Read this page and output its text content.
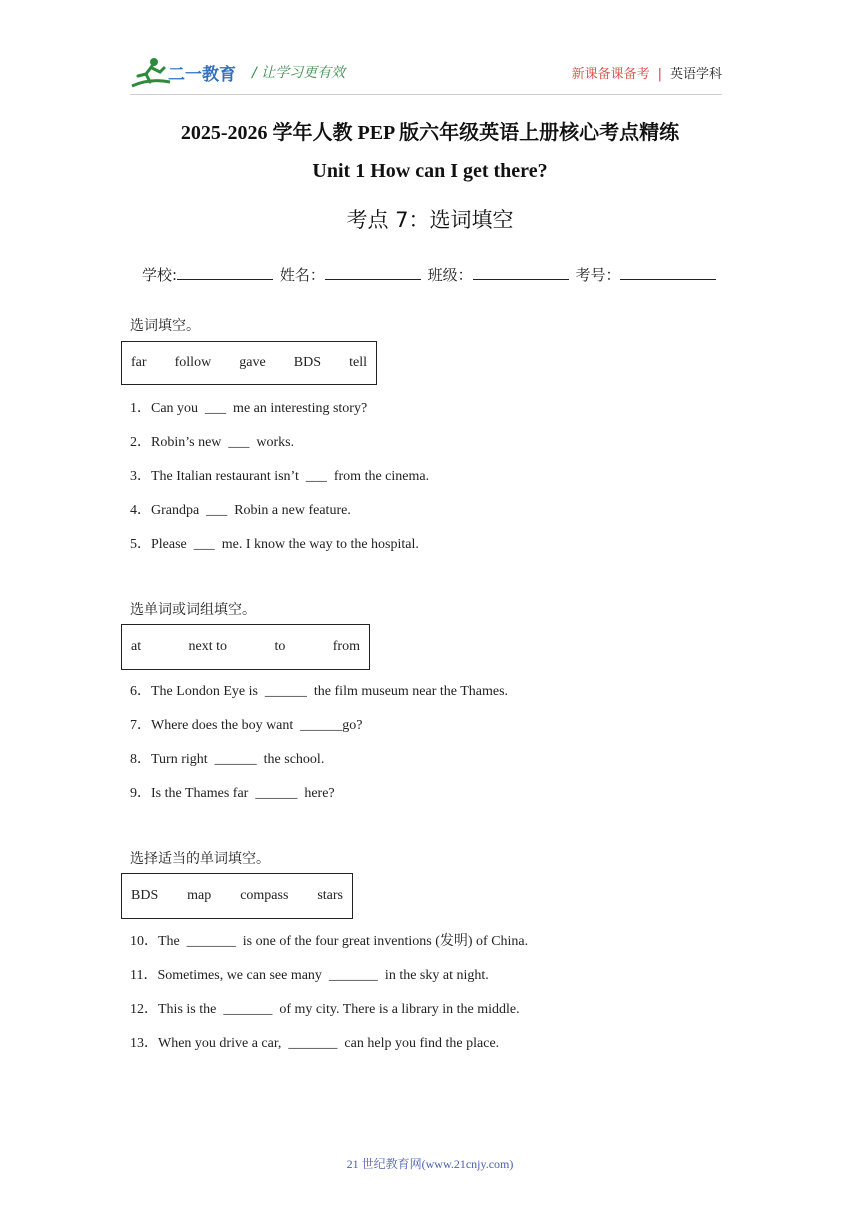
二一教育 / 让学习更有效	新课备课备考 | 英语学科
2025-2026 学年人教 PEP 版六年级英语上册核心考点精练
Unit 1 How can I get there?
考点 7：选词填空
学校:	姓名：	班级：	考号：
选词填空。
far follow gave BDS tell
1．Can you  ___  me an interesting story?
2．Robin’s new  ___  works.
3．The Italian restaurant isn’t  ___  from the cinema.
4．Grandpa  ___  Robin a new feature.
5．Please  ___  me. I know the way to the hospital.
选单词或词组填空。
at	next to	to	from
6．The London Eye is  ______  the film museum near the Thames.
7．Where does the boy want  ______go?
8．Turn right  ______  the school.
9．Is the Thames far  ______  here?
选择适当的单词填空。
BDS map compass stars
10．The  _______  is one of the four great inventions (发明) of China.
11．Sometimes, we can see many  _______  in the sky at night.
12．This is the  _______  of my city. There is a library in the middle.
13．When you drive a car,  _______  can help you find the place.
21 世纪教育网(www.21cnjy.com)
